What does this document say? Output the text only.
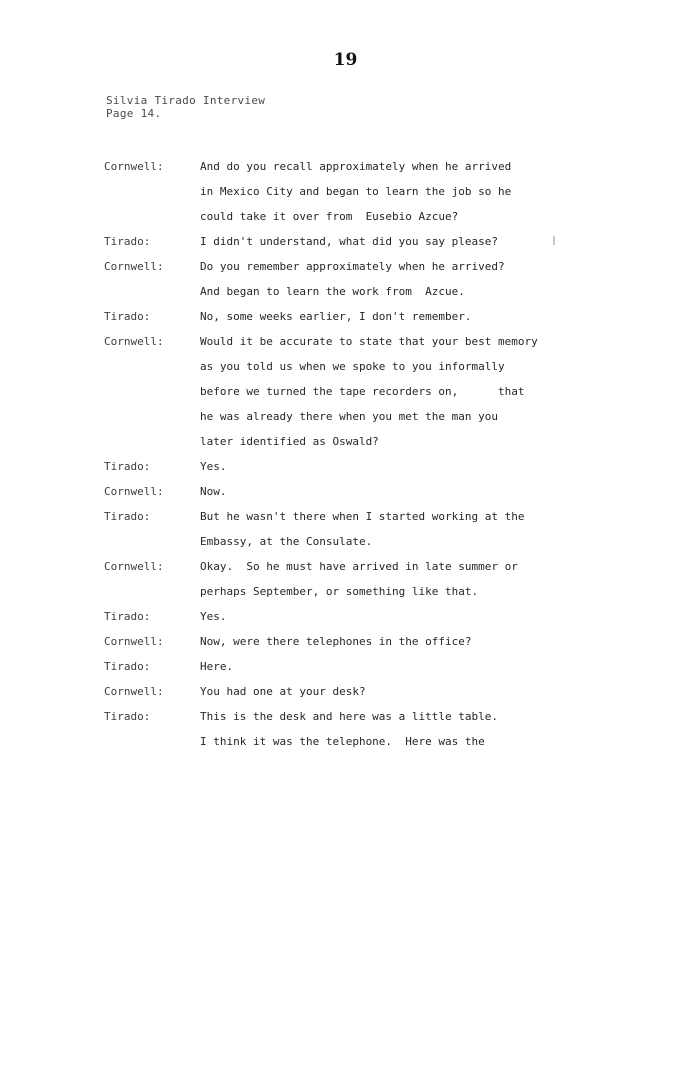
19
Silvia Tirado Interview
Page 14.
Cornwell:	And do you recall approximately when he arrived
in Mexico City and began to learn the job so he
could take it over from  Eusebio Azcue?
Tirado:	I didn't understand, what did you say please?
Cornwell:	Do you remember approximately when he arrived?
And began to learn the work from  Azcue.
Tirado:	No, some weeks earlier, I don't remember.
Cornwell:	Would it be accurate to state that your best memory
as you told us when we spoke to you informally
before we turned the tape recorders on,      that
he was already there when you met the man you
later identified as Oswald?
Tirado:	Yes.
Cornwell:	Now.
Tirado:	But he wasn't there when I started working at the
Embassy, at the Consulate.
Cornwell:	Okay.  So he must have arrived in late summer or
perhaps September, or something like that.
Tirado:	Yes.
Cornwell:	Now, were there telephones in the office?
Tirado:	Here.
Cornwell:	You had one at your desk?
Tirado:	This is the desk and here was a little table.
I think it was the telephone.  Here was the
